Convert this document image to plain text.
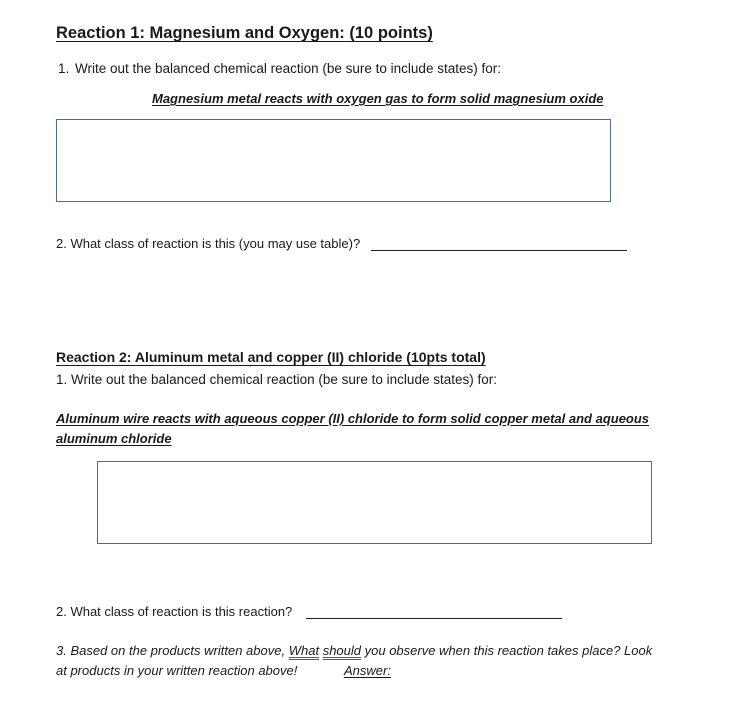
Reaction 1: Magnesium and Oxygen: (10 points)
1. Write out the balanced chemical reaction (be sure to include states) for:
Magnesium metal reacts with oxygen gas to form solid magnesium oxide
2. What class of reaction is this (you may use table)?
Reaction 2: Aluminum metal and copper (II) chloride (10pts total)
1. Write out the balanced chemical reaction (be sure to include states) for:
Aluminum wire reacts with aqueous copper (II) chloride to form solid copper metal and aqueous
aluminum chloride
2. What class of reaction is this reaction?
3. Based on the products written above, What should you observe when this reaction takes place? Look
at products in your written reaction above!	Answer:
